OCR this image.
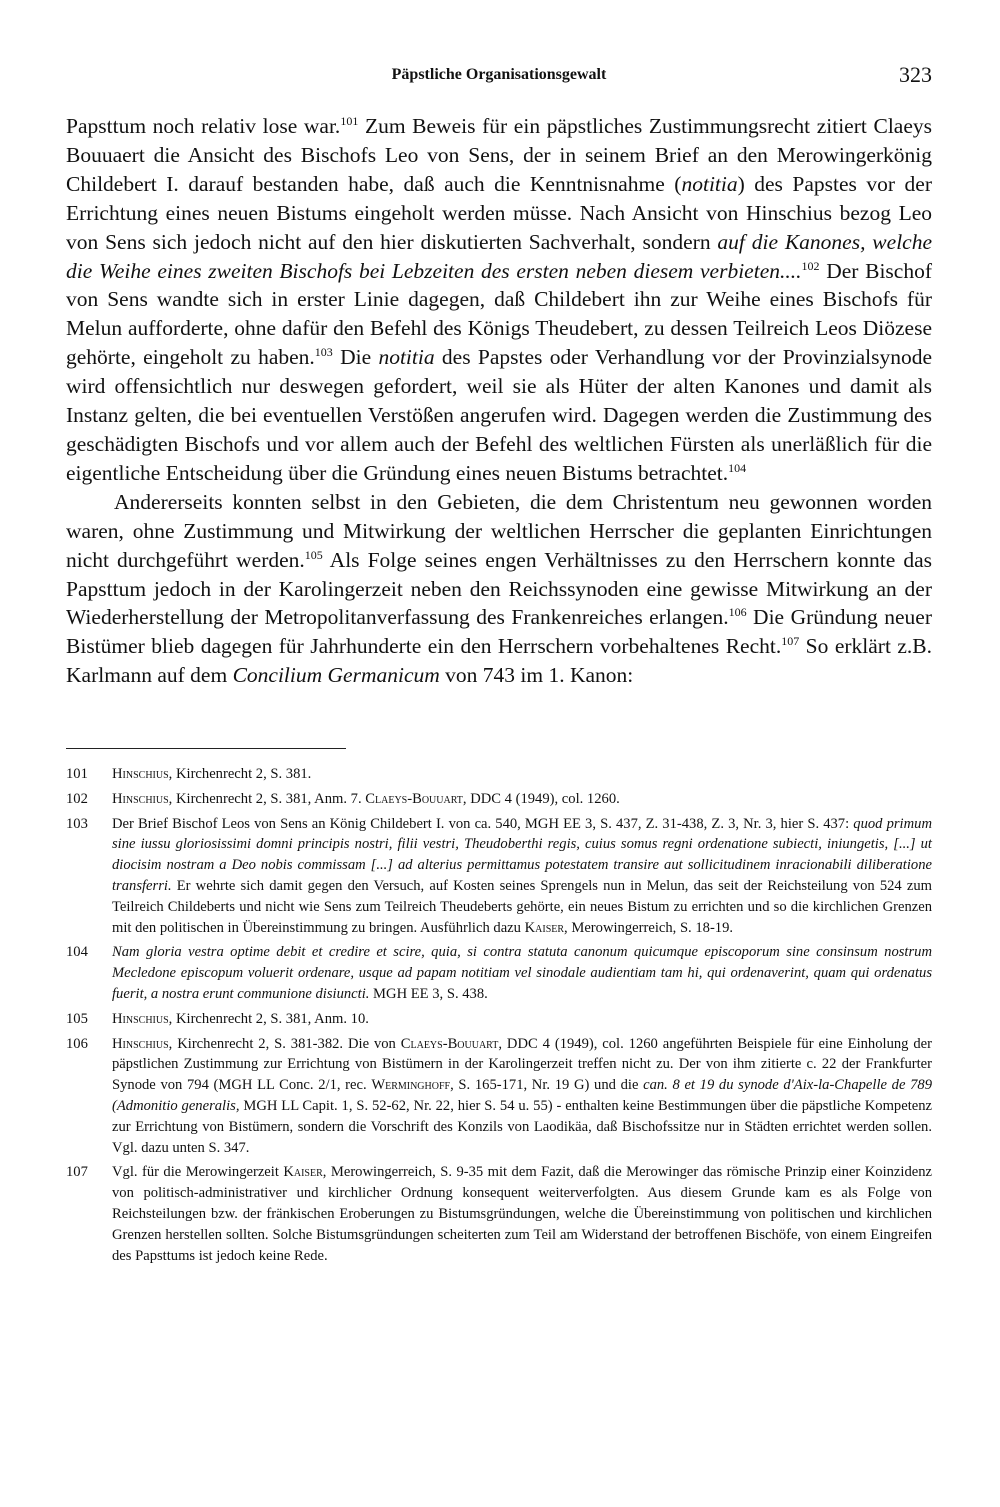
Päpstliche Organisationsgewalt	323

Papsttum noch relativ lose war.$^{101}$ Zum Beweis für ein päpstliches Zustimmungsrecht zitiert Claeys Bouuaert die Ansicht des Bischofs Leo von Sens, der in seinem Brief an den Merowingerkönig Childebert I. darauf bestanden habe, daß auch die Kenntnisnahme (notitia) des Papstes vor der Errichtung eines neuen Bistums eingeholt werden müsse. Nach Ansicht von Hinschius bezog Leo von Sens sich jedoch nicht auf den hier diskutierten Sachverhalt, sondern auf die Kanones, welche die Weihe eines zweiten Bischofs bei Lebzeiten des ersten neben diesem verbieten....$^{102}$ Der Bischof von Sens wandte sich in erster Linie dagegen, daß Childebert ihn zur Weihe eines Bischofs für Melun aufforderte, ohne dafür den Befehl des Königs Theudebert, zu dessen Teilreich Leos Diözese gehörte, eingeholt zu haben.$^{103}$ Die notitia des Papstes oder Verhandlung vor der Provinzialsynode wird offensichtlich nur deswegen gefordert, weil sie als Hüter der alten Kanones und damit als Instanz gelten, die bei eventuellen Verstößen angerufen wird. Dagegen werden die Zustimmung des geschädigten Bischofs und vor allem auch der Befehl des weltlichen Fürsten als unerläßlich für die eigentliche Entscheidung über die Gründung eines neuen Bistums betrachtet.$^{104}$

Andererseits konnten selbst in den Gebieten, die dem Christentum neu gewonnen worden waren, ohne Zustimmung und Mitwirkung der weltlichen Herrscher die geplanten Einrichtungen nicht durchgeführt werden.$^{105}$ Als Folge seines engen Verhältnisses zu den Herrschern konnte das Papsttum jedoch in der Karolingerzeit neben den Reichssynoden eine gewisse Mitwirkung an der Wiederherstellung der Metropolitanverfassung des Frankenreiches erlangen.$^{106}$ Die Gründung neuer Bistümer blieb dagegen für Jahrhunderte ein den Herrschern vorbehaltenes Recht.$^{107}$ So erklärt z.B. Karlmann auf dem Concilium Germanicum von 743 im 1. Kanon:

101	Hinschius, Kirchenrecht 2, S. 381.
102	Hinschius, Kirchenrecht 2, S. 381, Anm. 7. Claeys-Bouuart, DDC 4 (1949), col. 1260.
103	Der Brief Bischof Leos von Sens an König Childebert I. von ca. 540, MGH EE 3, S. 437, Z. 31-438, Z. 3, Nr. 3, hier S. 437: quod primum sine iussu gloriosissimi domni principis nostri, filii vestri, Theudoberthi regis, cuius somus regni ordenatione subiecti, iniungetis, [...] ut diocisim nostram a Deo nobis commissam [...] ad alterius permittamus potestatem transire aut sollicitudinem inracionabili diliberatione transferri. Er wehrte sich damit gegen den Versuch, auf Kosten seines Sprengels nun in Melun, das seit der Reichsteilung von 524 zum Teilreich Childeberts und nicht wie Sens zum Teilreich Theudeberts gehörte, ein neues Bistum zu errichten und so die kirchlichen Grenzen mit den politischen in Übereinstimmung zu bringen. Ausführlich dazu Kaiser, Merowingerreich, S. 18-19.
104	Nam gloria vestra optime debit et credire et scire, quia, si contra statuta canonum quicumque episcoporum sine consinsum nostrum Mecledone episcopum voluerit ordenare, usque ad papam notitiam vel sinodale audientiam tam hi, qui ordenaverint, quam qui ordenatus fuerit, a nostra erunt communione disiuncti. MGH EE 3, S. 438.
105	Hinschius, Kirchenrecht 2, S. 381, Anm. 10.
106	Hinschius, Kirchenrecht 2, S. 381-382. Die von Claeys-Bouuart, DDC 4 (1949), col. 1260 angeführten Beispiele für eine Einholung der päpstlichen Zustimmung zur Errichtung von Bistümern in der Karolingerzeit treffen nicht zu. Der von ihm zitierte c. 22 der Frankfurter Synode von 794 (MGH LL Conc. 2/1, rec. Werminghoff, S. 165-171, Nr. 19 G) und die can. 8 et 19 du synode d'Aix-la-Chapelle de 789 (Admonitio generalis, MGH LL Capit. 1, S. 52-62, Nr. 22, hier S. 54 u. 55) - enthalten keine Bestimmungen über die päpstliche Kompetenz zur Errichtung von Bistümern, sondern die Vorschrift des Konzils von Laodikäa, daß Bischofssitze nur in Städten errichtet werden sollen. Vgl. dazu unten S. 347.
107	Vgl. für die Merowingerzeit Kaiser, Merowingerreich, S. 9-35 mit dem Fazit, daß die Merowinger das römische Prinzip einer Koinzidenz von politisch-administrativer und kirchlicher Ordnung konsequent weiterverfolgten. Aus diesem Grunde kam es als Folge von Reichsteilungen bzw. der fränkischen Eroberungen zu Bistumsgründungen, welche die Übereinstimmung von politischen und kirchlichen Grenzen herstellen sollten. Solche Bistumsgründungen scheiterten zum Teil am Widerstand der betroffenen Bischöfe, von einem Eingreifen des Papsttums ist jedoch keine Rede.
